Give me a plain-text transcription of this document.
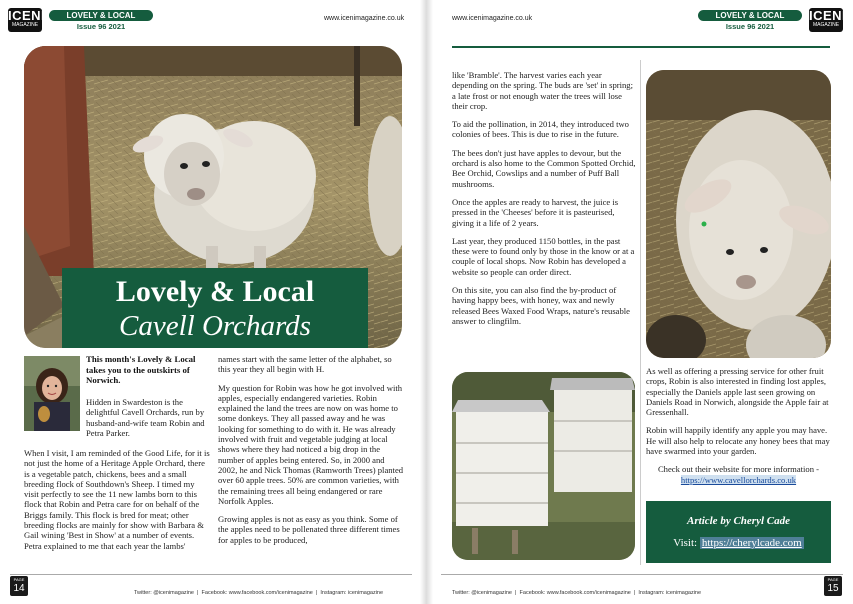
ICENI
MAGAZINE
LOVELY & LOCAL
Issue 96 2021
www.icenimagazine.co.uk
Lovely & Local
Cavell Orchards
This month's Lovely & Local takes you to the outskirts of Norwich.

Hidden in Swardeston is the delightful Cavell Orchards, run by husband-and-wife team Robin and Petra Parker.

When I visit, I am reminded of the Good Life, for it is not just the home of a Heritage Apple Orchard, there is a vegetable patch, chickens, bees and a small breeding flock of Southdown's Sheep. I timed my visit perfectly to see the 11 new lambs born to this flock that Robin and Petra care for on behalf of the Briggs family. This flock is bred for meat; other breeding flocks are mainly for show with Barbara & Gail wining 'Best in Show' at a number of events. Petra explained to me that each year the lambs'

names start with the same letter of the alphabet, so this year they all begin with H.

My question for Robin was how he got involved with apples, especially endangered varieties. Robin explained the land the trees are now on was home to some donkeys. They all passed away and he was looking for something to do with it. He was already involved with fruit and vegetable judging at local shows where they had noticed a big drop in the number of apples being entered. So, in 2000 and 2002, he and Nick Thomas (Ramworth Trees) planted over 60 apple trees. 50% are common varieties, with the remaining trees all being endangered or rare Norfolk Apples.

Growing apples is not as easy as you think. Some of the apples need to be pollenated three different times for apples to be produced,

PAGE
14	Twitter: @icenimagazine  |  Facebook: www.facebook.com/icenimagazine  |  Instagram: icenimagazine
www.icenimagazine.co.uk	LOVELY & LOCAL
Issue 96 2021
ICENI
MAGAZINE

like 'Bramble'. The harvest varies each year depending on the spring. The buds are 'set' in spring; a late frost or not enough water the trees will lose their crop.

To aid the pollination, in 2014, they introduced two colonies of bees. This is due to rise in the future.

The bees don't just have apples to devour, but the orchard is also home to the Common Spotted Orchid, Bee Orchid, Cowslips and a number of Puff Ball mushrooms.

Once the apples are ready to harvest, the juice is pressed in the 'Cheeses' before it is pasteurised, giving it a life of 2 years.

Last year, they produced 1150 bottles, in the past these were to found only by those in the know or at a couple of local shops. Now Robin has developed a website so people can order direct.

On this site, you can also find the by-product of having happy bees, with honey, wax and newly released Bees Waxed Food Wraps, nature's reusable answer to clingfilm.

As well as offering a pressing service for other fruit crops, Robin is also interested in finding lost apples, especially the Daniels apple last seen growing on Daniels Road in Norwich, alongside the Apple fair at Gressenhall.

Robin will happily identify any apple you may have. He will also help to relocate any honey bees that may have swarmed into your garden.

Check out their website for more information -

https://www.cavellorchards.co.uk

Article by Cheryl Cade
Visit: https://cherylcade.com
Twitter: @icenimagazine  |  Facebook: www.facebook.com/icenimagazine  |  Instagram: icenimagazine
PAGE
15
